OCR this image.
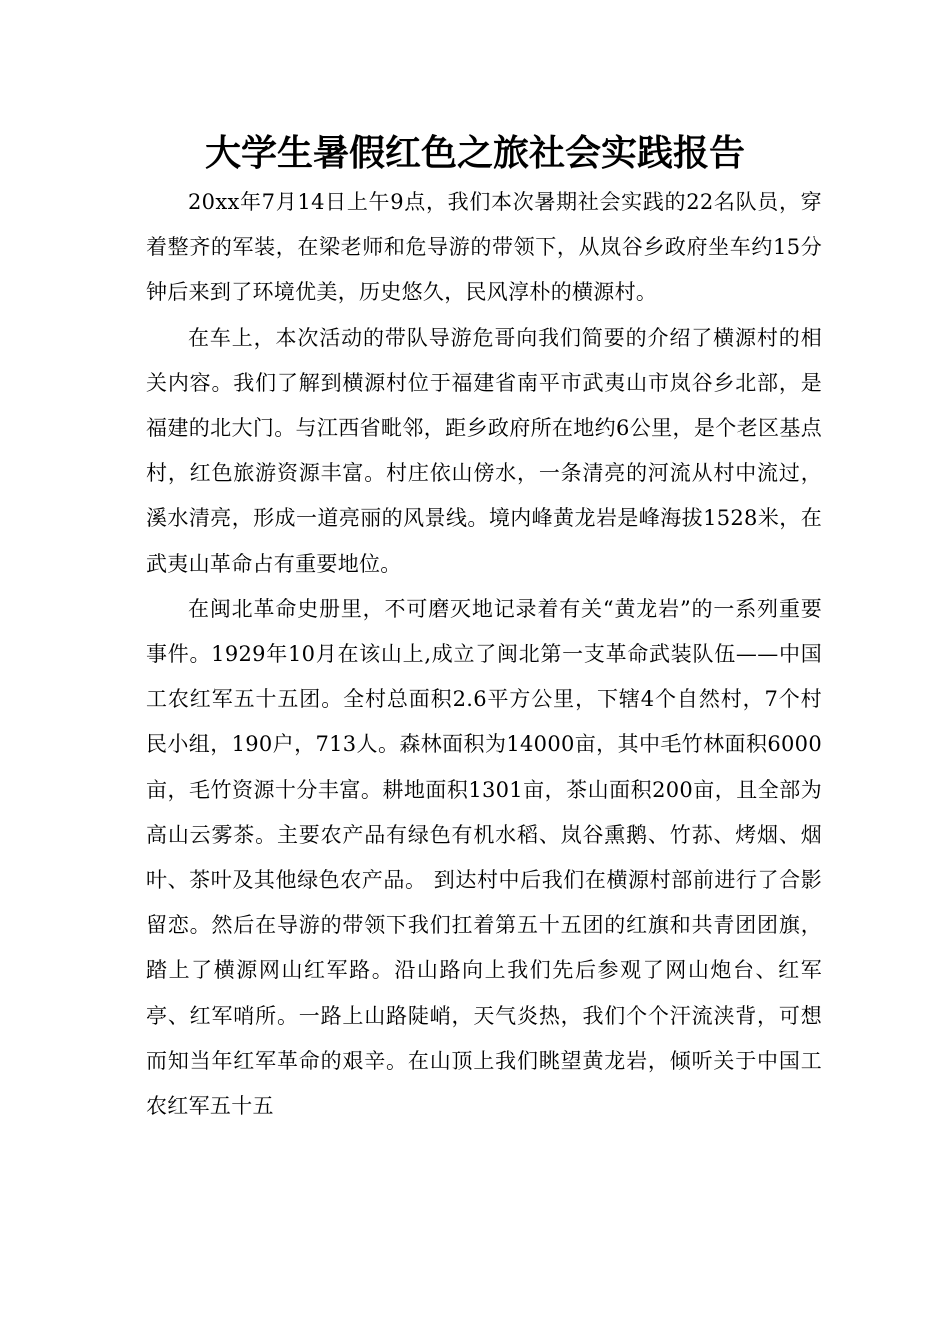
大学生暑假红色之旅社会实践报告

20xx年7月14日上午9点，我们本次暑期社会实践的22名队员，穿着整齐的军装，在梁老师和危导游的带领下，从岚谷乡政府坐车约15分钟后来到了环境优美，历史悠久，民风淳朴的横源村。

在车上，本次活动的带队导游危哥向我们简要的介绍了横源村的相关内容。我们了解到横源村位于福建省南平市武夷山市岚谷乡北部，是福建的北大门。与江西省毗邻，距乡政府所在地约6公里，是个老区基点村，红色旅游资源丰富。村庄依山傍水，一条清亮的河流从村中流过，溪水清亮，形成一道亮丽的风景线。境内峰黄龙岩是峰海拔1528米，在武夷山革命占有重要地位。

在闽北革命史册里，不可磨灭地记录着有关“黄龙岩”的一系列重要事件。1929年10月在该山上,成立了闽北第一支革命武装队伍——中国工农红军五十五团。全村总面积2.6平方公里，下辖4个自然村，7个村民小组，190户，713人。森林面积为14000亩，其中毛竹林面积6000亩，毛竹资源十分丰富。耕地面积1301亩，茶山面积200亩，且全部为高山云雾茶。主要农产品有绿色有机水稻、岚谷熏鹅、竹荪、烤烟、烟叶、茶叶及其他绿色农产品。 到达村中后我们在横源村部前进行了合影留恋。然后在导游的带领下我们扛着第五十五团的红旗和共青团团旗，踏上了横源网山红军路。沿山路向上我们先后参观了网山炮台、红军亭、红军哨所。一路上山路陡峭，天气炎热，我们个个汗流浃背，可想而知当年红军革命的艰辛。在山顶上我们眺望黄龙岩，倾听关于中国工农红军五十五
